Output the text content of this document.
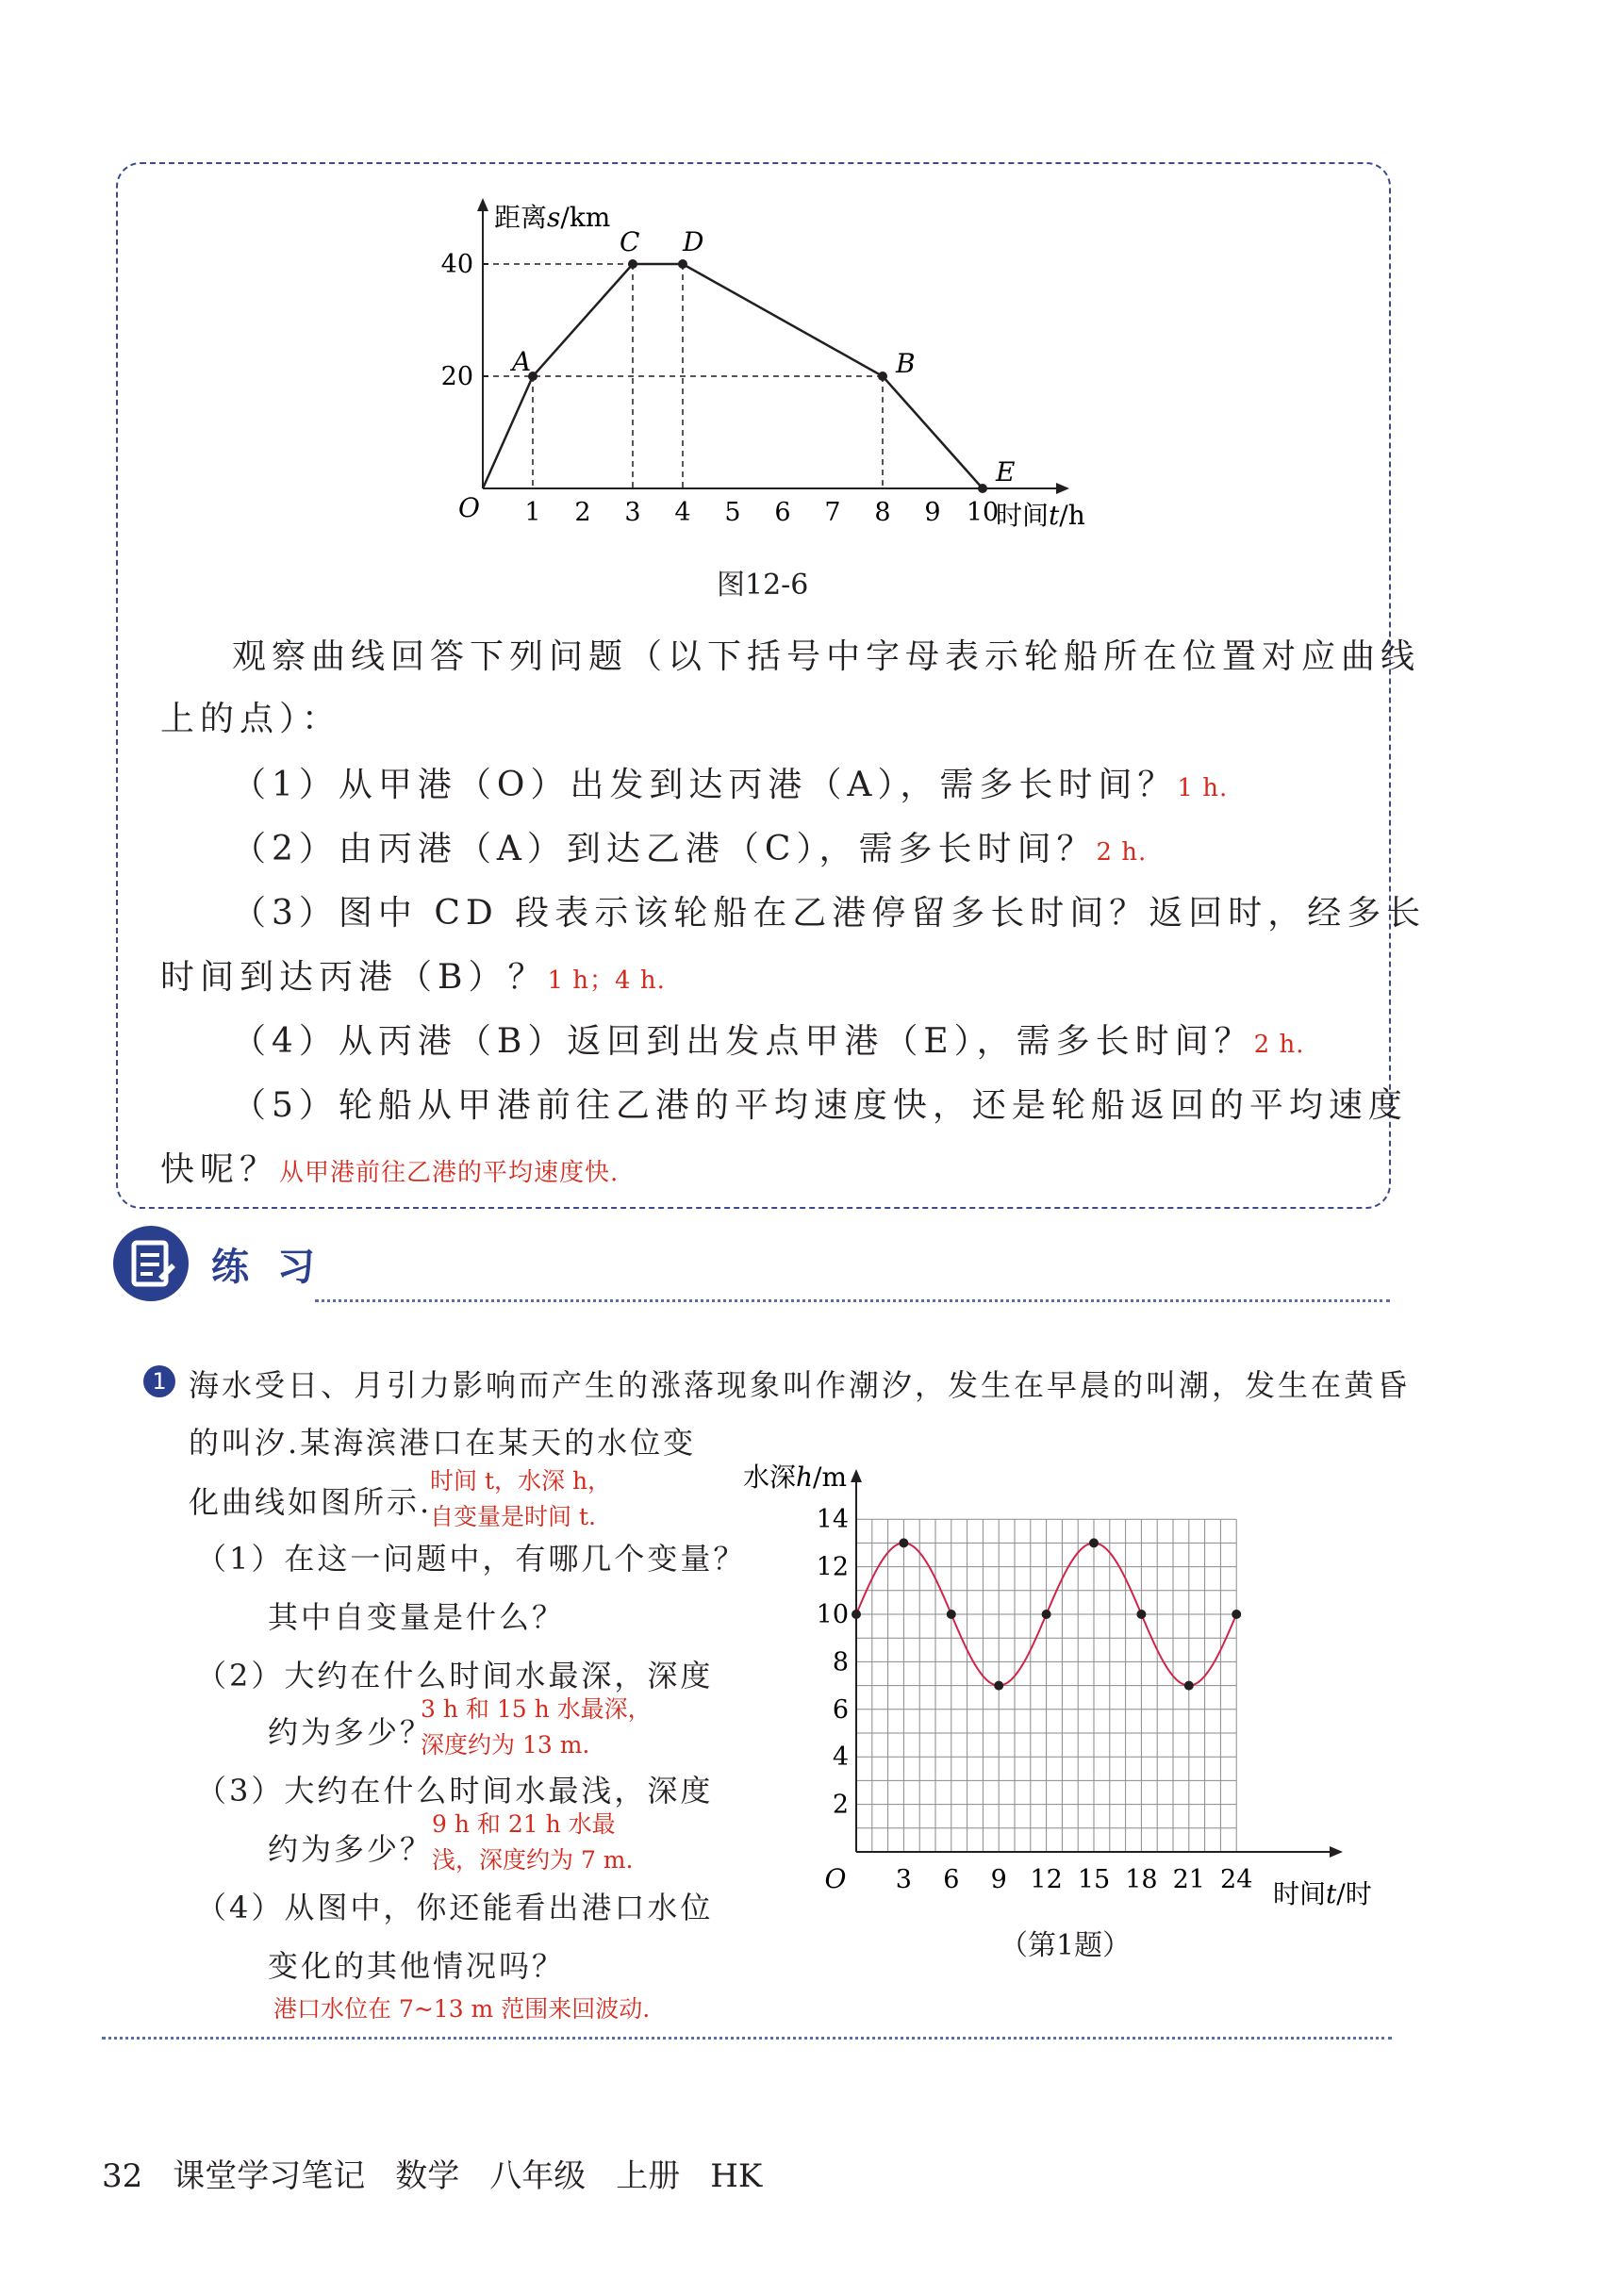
距离s/km
时间t/h
O 1 2 3 4 5 6 7 8 9 10
20
40
A
C D
B
E
图12-6
观察曲线回答下列问题（以下括号中字母表示轮船所在位置对应曲线
上的点）：
（1）从甲港（O）出发到达丙港（A），需多长时间？1 h.
（2）由丙港（A）到达乙港（C），需多长时间？2 h.
（3）图中 CD 段表示该轮船在乙港停留多长时间？返回时，经多长
时间到达丙港（B）？1 h；4 h.
（4）从丙港（B）返回到出发点甲港（E），需多长时间？2 h.
（5）轮船从甲港前往乙港的平均速度快，还是轮船返回的平均速度
快呢？从甲港前往乙港的平均速度快.
练 习
1 海水受日、月引力影响而产生的涨落现象叫作潮汐，发生在早晨的叫潮，发生在黄昏
的叫汐.某海滨港口在某天的水位变
化曲线如图所示.
时间 t，水深 h，
自变量是时间 t.
（1）在这一问题中，有哪几个变量？
其中自变量是什么？
（2）大约在什么时间水最深，深度
约为多少？
3 h 和 15 h 水最深，
深度约为 13 m.
（3）大约在什么时间水最浅，深度
约为多少？
9 h 和 21 h 水最
浅，深度约为 7 m.
（4）从图中，你还能看出港口水位
变化的其他情况吗？
港口水位在 7~13 m 范围来回波动.
水深h/m
时间t/时
O 3 6 9 12 15 18 21 24
2
4
6
8
10
12
14
（第1题）
32 课堂学习笔记 数学 八年级 上册 HK
